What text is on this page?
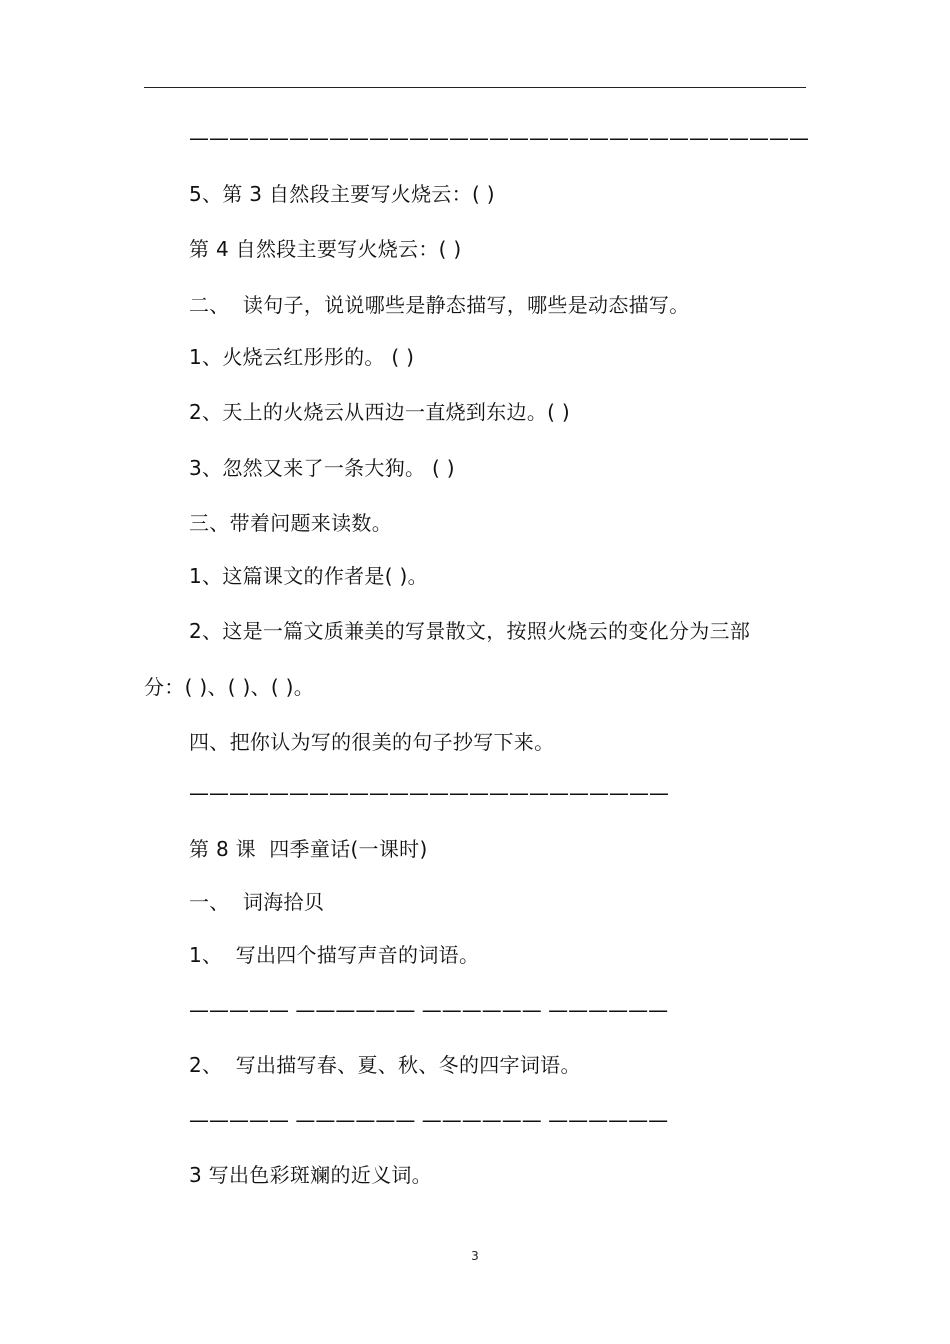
———————————————————————————————
5、第 3 自然段主要写火烧云：( )
第 4 自然段主要写火烧云：( )
二、  读句子，说说哪些是静态描写，哪些是动态描写。
1、火烧云红彤彤的。 ( )
2、天上的火烧云从西边一直烧到东边。( )
3、忽然又来了一条大狗。 ( )
三、带着问题来读数。
1、这篇课文的作者是( )。
2、这是一篇文质兼美的写景散文，按照火烧云的变化分为三部
分：( )、( )、( )。
四、把你认为写的很美的句子抄写下来。
————————————————————————
第 8 课  四季童话(一课时)
一、  词海拾贝
1、  写出四个描写声音的词语。
————— —————— —————— ——————
2、  写出描写春、夏、秋、冬的四字词语。
————— —————— —————— ——————
3 写出色彩斑斓的近义词。
3
